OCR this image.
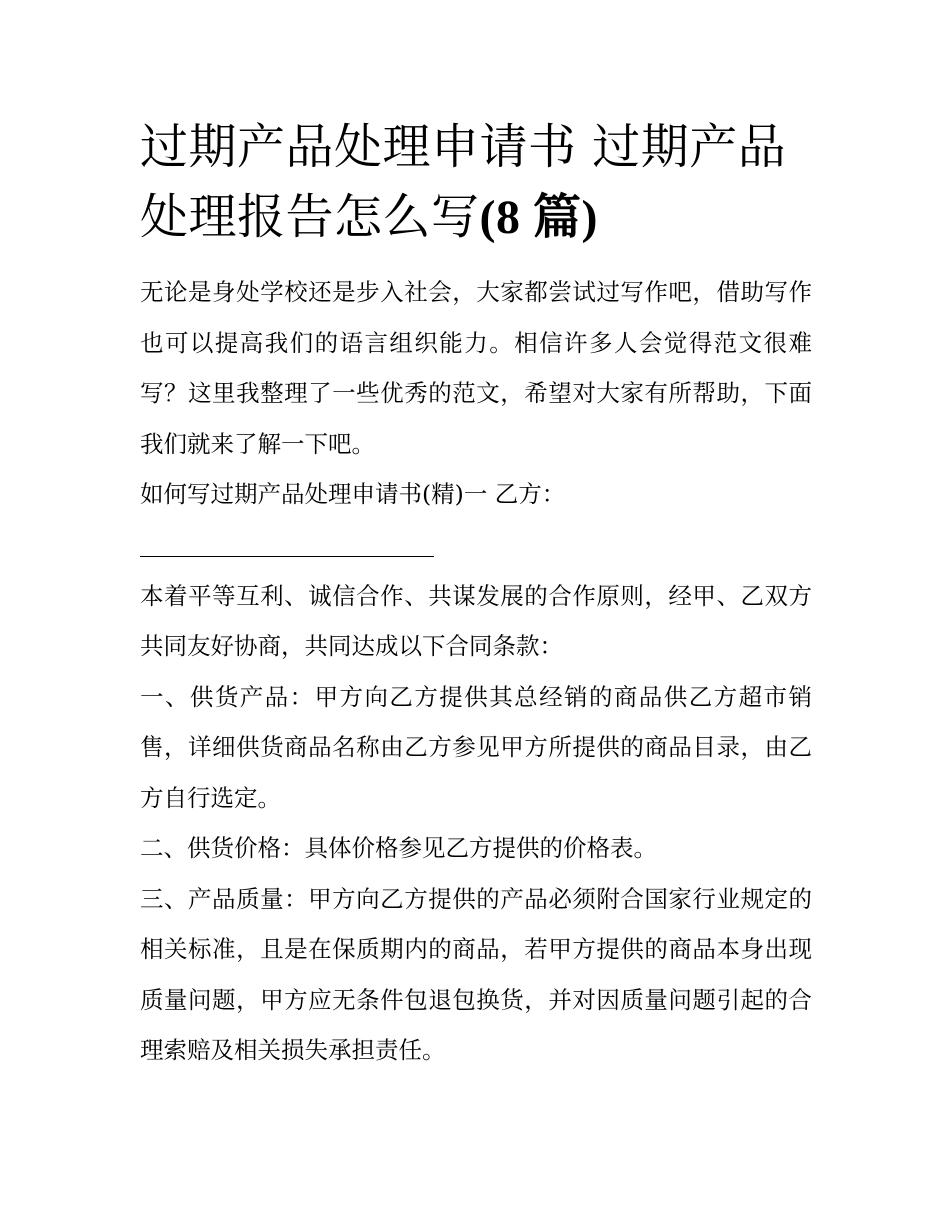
过期产品处理申请书 过期产品处理报告怎么写(8 篇)

无论是身处学校还是步入社会，大家都尝试过写作吧，借助写作也可以提高我们的语言组织能力。相信许多人会觉得范文很难写？这里我整理了一些优秀的范文，希望对大家有所帮助，下面我们就来了解一下吧。

如何写过期产品处理申请书(精)一 乙方：

本着平等互利、诚信合作、共谋发展的合作原则，经甲、乙双方共同友好协商，共同达成以下合同条款：

一、供货产品：甲方向乙方提供其总经销的商品供乙方超市销售，详细供货商品名称由乙方参见甲方所提供的商品目录，由乙方自行选定。

二、供货价格：具体价格参见乙方提供的价格表。

三、产品质量：甲方向乙方提供的产品必须附合国家行业规定的相关标准，且是在保质期内的商品，若甲方提供的商品本身出现质量问题，甲方应无条件包退包换货，并对因质量问题引起的合理索赔及相关损失承担责任。
